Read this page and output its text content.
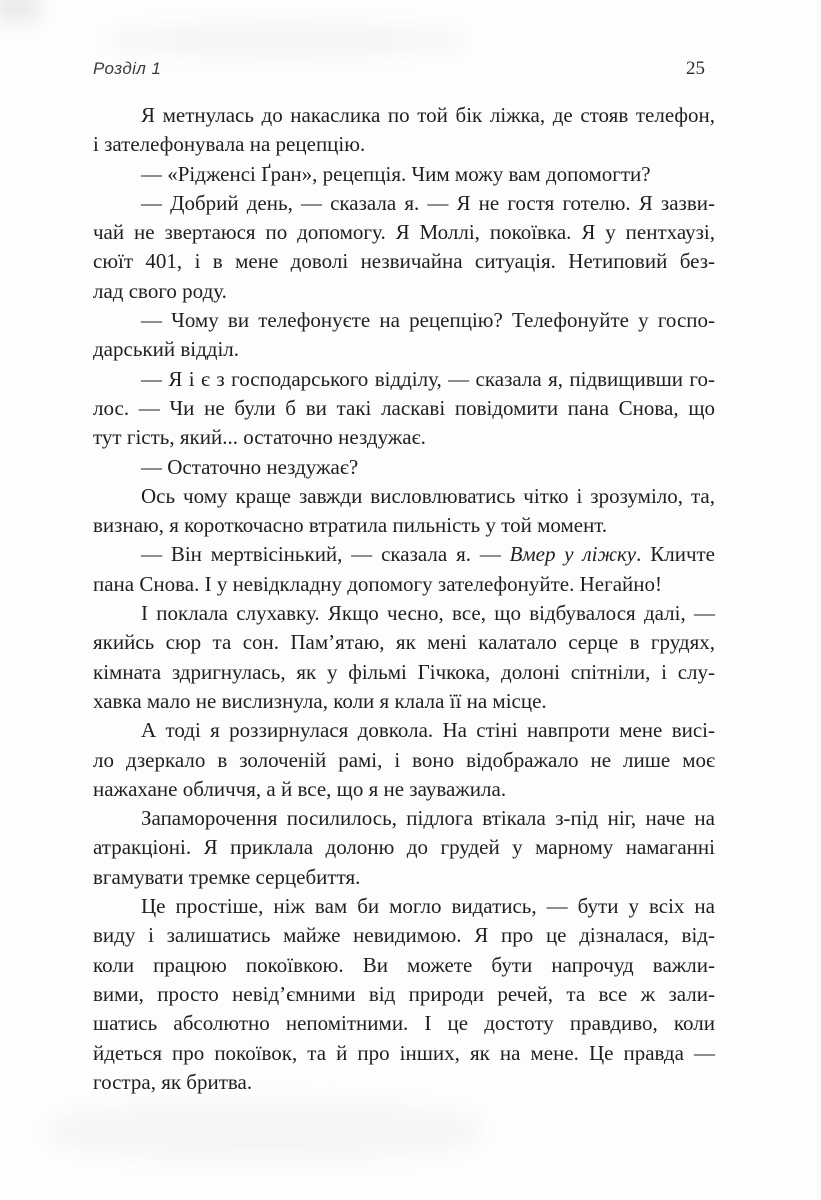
Розділ 1	25
Я метнулась до накаслика по той бік ліжка, де стояв телефон,
і зателефонувала на рецепцію.
— «Рідженсі Ґран», рецепція. Чим можу вам допомогти?
— Добрий день, — сказала я. — Я не гостя готелю. Я зазви-
чай не звертаюся по допомогу. Я Моллі, покоївка. Я у пентхаузі,
сюїт 401, і в мене доволі незвичайна ситуація. Нетиповий без-
лад свого роду.
— Чому ви телефонуєте на рецепцію? Телефонуйте у госпо-
дарський відділ.
— Я і є з господарського відділу, — сказала я, підвищивши го-
лос. — Чи не були б ви такі ласкаві повідомити пана Снова, що
тут гість, який... остаточно нездужає.
— Остаточно нездужає?
Ось чому краще завжди висловлюватись чітко і зрозуміло, та,
визнаю, я короткочасно втратила пильність у той момент.
— Він мертвісінький, — сказала я. — Вмер у ліжку. Кличте
пана Снова. І у невідкладну допомогу зателефонуйте. Негайно!
І поклала слухавку. Якщо чесно, все, що відбувалося далі, —
якийсь сюр та сон. Пам’ятаю, як мені калатало серце в грудях,
кімната здригнулась, як у фільмі Гічкока, долоні спітніли, і слу-
хавка мало не вислизнула, коли я клала її на місце.
А тоді я роззирнулася довкола. На стіні навпроти мене висі-
ло дзеркало в золоченій рамі, і воно відображало не лише моє
нажахане обличчя, а й все, що я не зауважила.
Запаморочення посилилось, підлога втікала з-під ніг, наче на
атракціоні. Я приклала долоню до грудей у марному намаганні
вгамувати тремке серцебиття.
Це простіше, ніж вам би могло видатись, — бути у всіх на
виду і залишатись майже невидимою. Я про це дізналася, від-
коли працюю покоївкою. Ви можете бути напрочуд важли-
вими, просто невід’ємними від природи речей, та все ж зали-
шатись абсолютно непомітними. І це достоту правдиво, коли
йдеться про покоївок, та й про інших, як на мене. Це правда —
гостра, як бритва.
